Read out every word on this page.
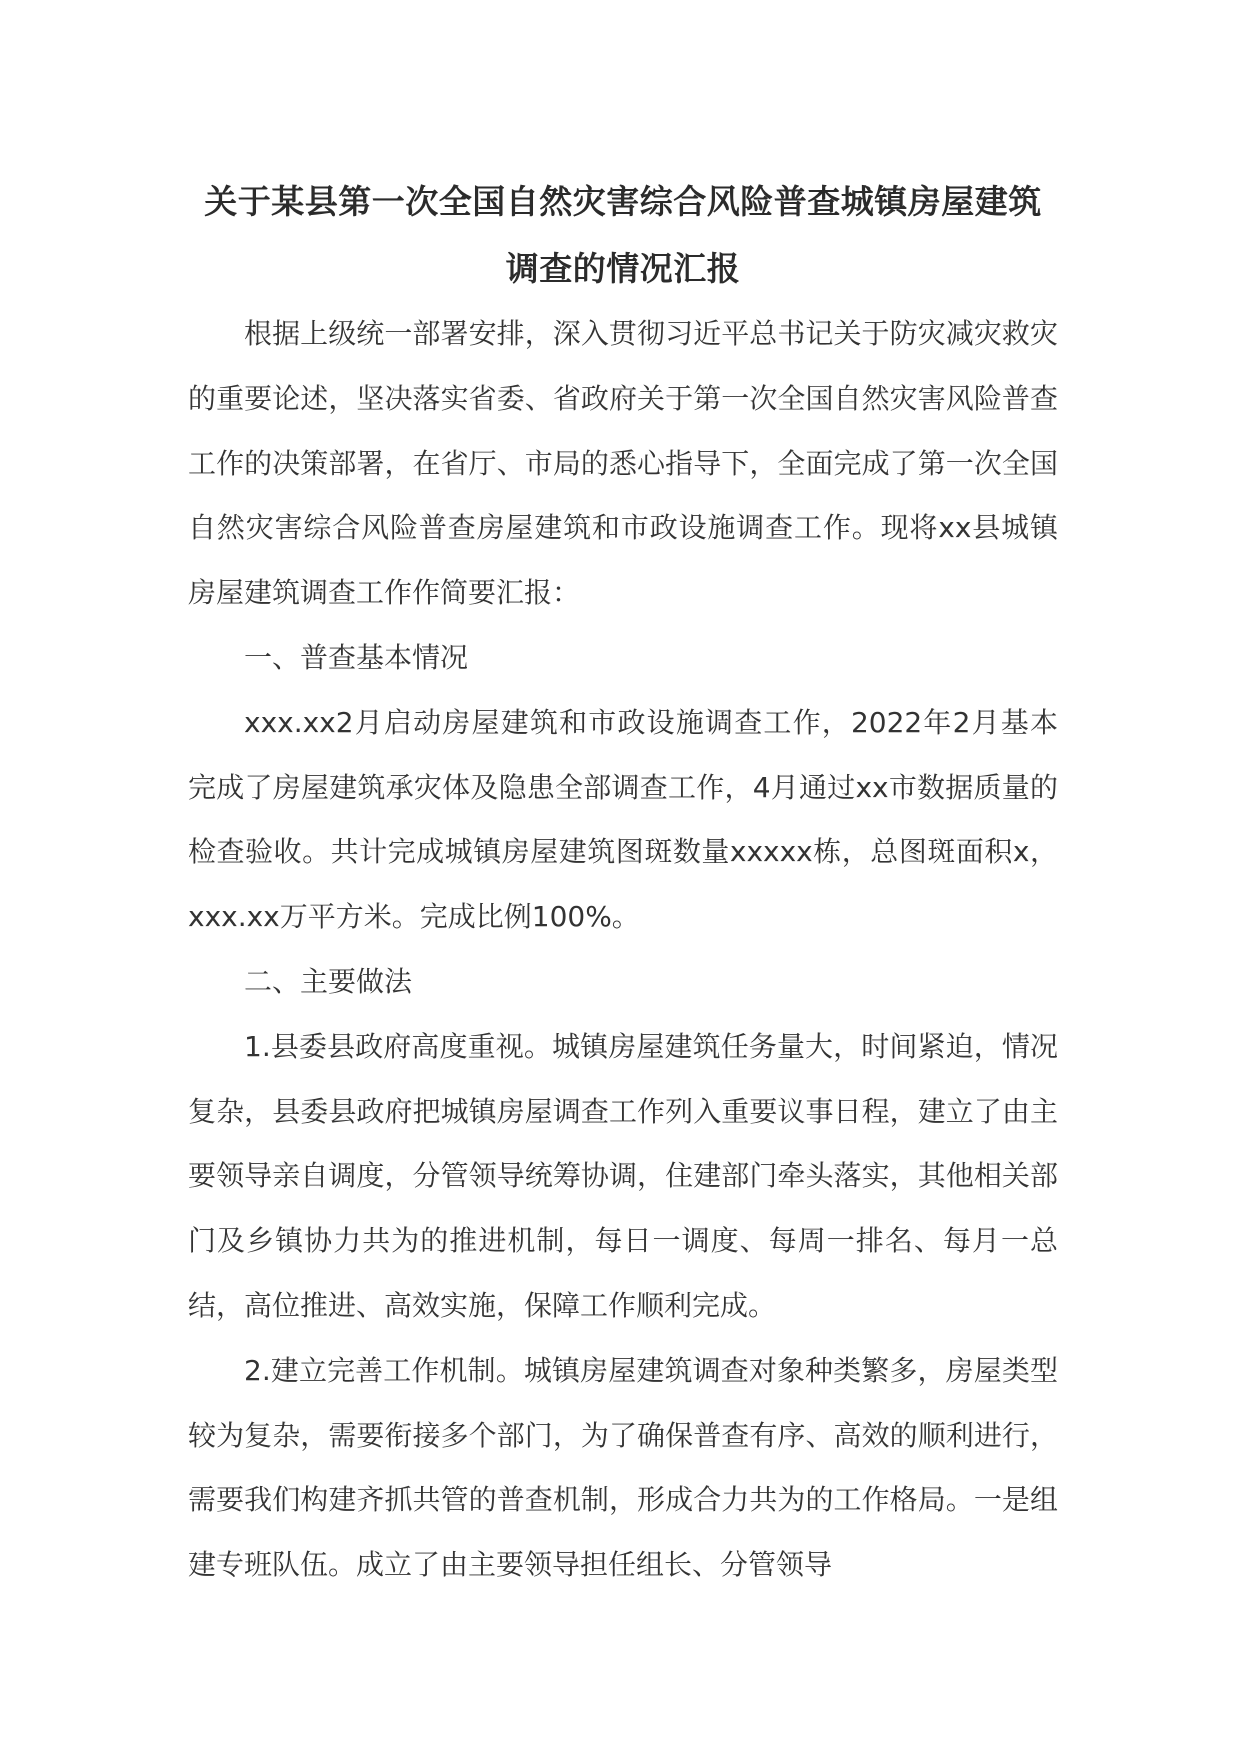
关于某县第一次全国自然灾害综合风险普查城镇房屋建筑
调查的情况汇报

根据上级统一部署安排，深入贯彻习近平总书记关于防灾减灾救灾的重要论述，坚决落实省委、省政府关于第一次全国自然灾害风险普查工作的决策部署，在省厅、市局的悉心指导下，全面完成了第一次全国自然灾害综合风险普查房屋建筑和市政设施调查工作。现将xx县城镇房屋建筑调查工作作简要汇报：

一、普查基本情况

xxx.xx2月启动房屋建筑和市政设施调查工作，2022年2月基本完成了房屋建筑承灾体及隐患全部调查工作，4月通过xx市数据质量的检查验收。共计完成城镇房屋建筑图斑数量xxxxx栋，总图斑面积x，xxx.xx万平方米。完成比例100%。

二、主要做法

1.县委县政府高度重视。城镇房屋建筑任务量大，时间紧迫，情况复杂，县委县政府把城镇房屋调查工作列入重要议事日程，建立了由主要领导亲自调度，分管领导统筹协调，住建部门牵头落实，其他相关部门及乡镇协力共为的推进机制，每日一调度、每周一排名、每月一总结，高位推进、高效实施，保障工作顺利完成。

2.建立完善工作机制。城镇房屋建筑调查对象种类繁多，房屋类型较为复杂，需要衔接多个部门，为了确保普查有序、高效的顺利进行，需要我们构建齐抓共管的普查机制，形成合力共为的工作格局。一是组建专班队伍。成立了由主要领导担任组长、分管领导
